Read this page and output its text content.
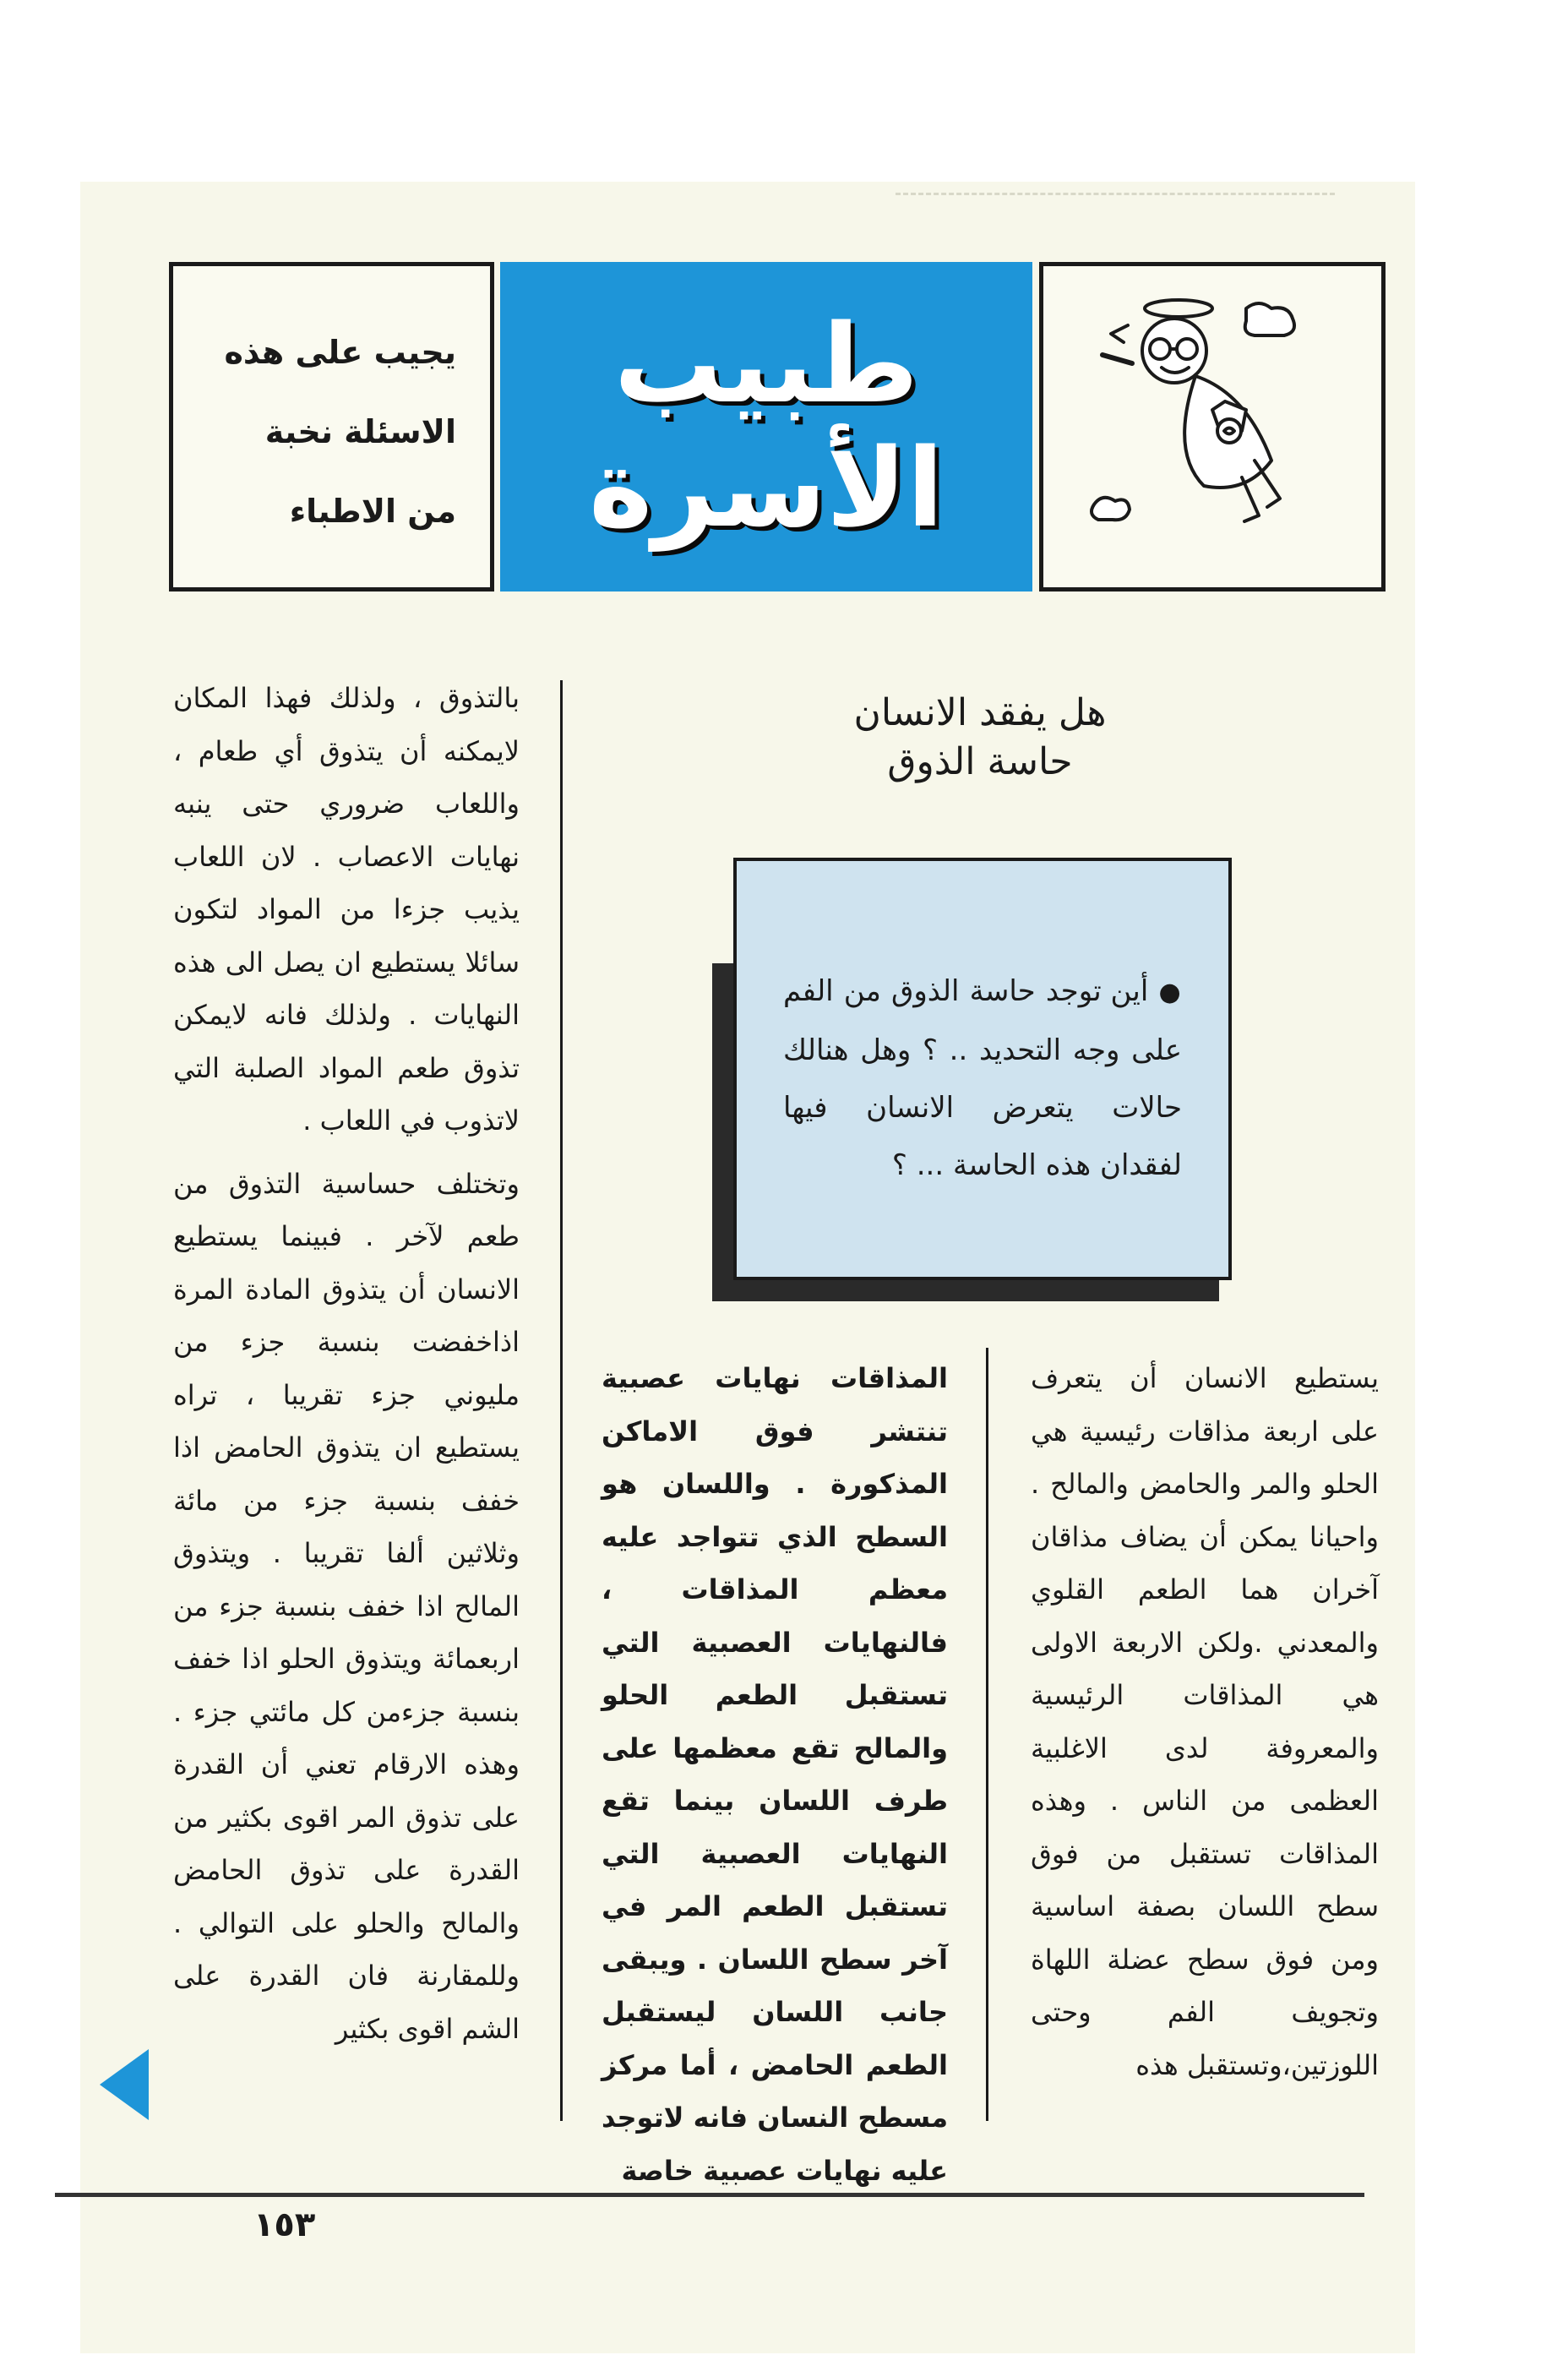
طبيب
الأسرة

يجيب على هذه

الاسئلة نخبة

من الاطباء

هل يفقد الانسان
حاسة الذوق
● أين توجد حاسة الذوق من الفم على وجه التحديد .. ؟ وهل هنالك حالات يتعرض الانسان فيها لفقدان هذه الحاسة ... ؟

يستطيع الانسان أن يتعرف على اربعة مذاقات رئيسية هي الحلو والمر والحامض والمالح . واحيانا يمكن أن يضاف مذاقان آخران هما الطعم القلوي والمعدني .ولكن الاربعة الاولى هي المذاقات الرئيسية والمعروفة لدى الاغلبية العظمى من الناس . وهذه المذاقات تستقبل من فوق سطح اللسان بصفة اساسية ومن فوق سطح عضلة اللهاة وتجويف الفم وحتى اللوزتين،وتستقبل هذه

المذاقات نهايات عصبية تنتشر فوق الاماكن المذكورة . واللسان هو السطح الذي تتواجد عليه معظم المذاقات ، فالنهايات العصبية التي تستقبل الطعم الحلو والمالح تقع معظمها على طرف اللسان بينما تقع النهايات العصبية التي تستقبل الطعم المر في آخر سطح اللسان . ويبقى جانب اللسان ليستقبل الطعم الحامض ، أما مركز مسطح النسان فانه لاتوجد عليه نهايات عصبية خاصة

بالتذوق ، ولذلك فهذا المكان لايمكنه أن يتذوق أي طعام ، واللعاب ضروري حتى ينبه نهايات الاعصاب . لان اللعاب يذيب جزءا من المواد لتكون سائلا يستطيع ان يصل الى هذه النهايات . ولذلك فانه لايمكن تذوق طعم المواد الصلبة التي لاتذوب في اللعاب .

وتختلف حساسية التذوق من طعم لآخر . فبينما يستطيع الانسان أن يتذوق المادة المرة اذاخفضت بنسبة جزء من مليوني جزء تقريبا ، تراه يستطيع ان يتذوق الحامض اذا خفف بنسبة جزء من مائة وثلاثين ألفا تقريبا . ويتذوق المالح اذا خفف بنسبة جزء من اربعمائة ويتذوق الحلو اذا خفف بنسبة جزءمن كل مائتي جزء . وهذه الارقام تعني أن القدرة على تذوق المر اقوى بكثير من القدرة على تذوق الحامض والمالح والحلو على التوالي . وللمقارنة فان القدرة على الشم اقوى بكثير

١٥٣
